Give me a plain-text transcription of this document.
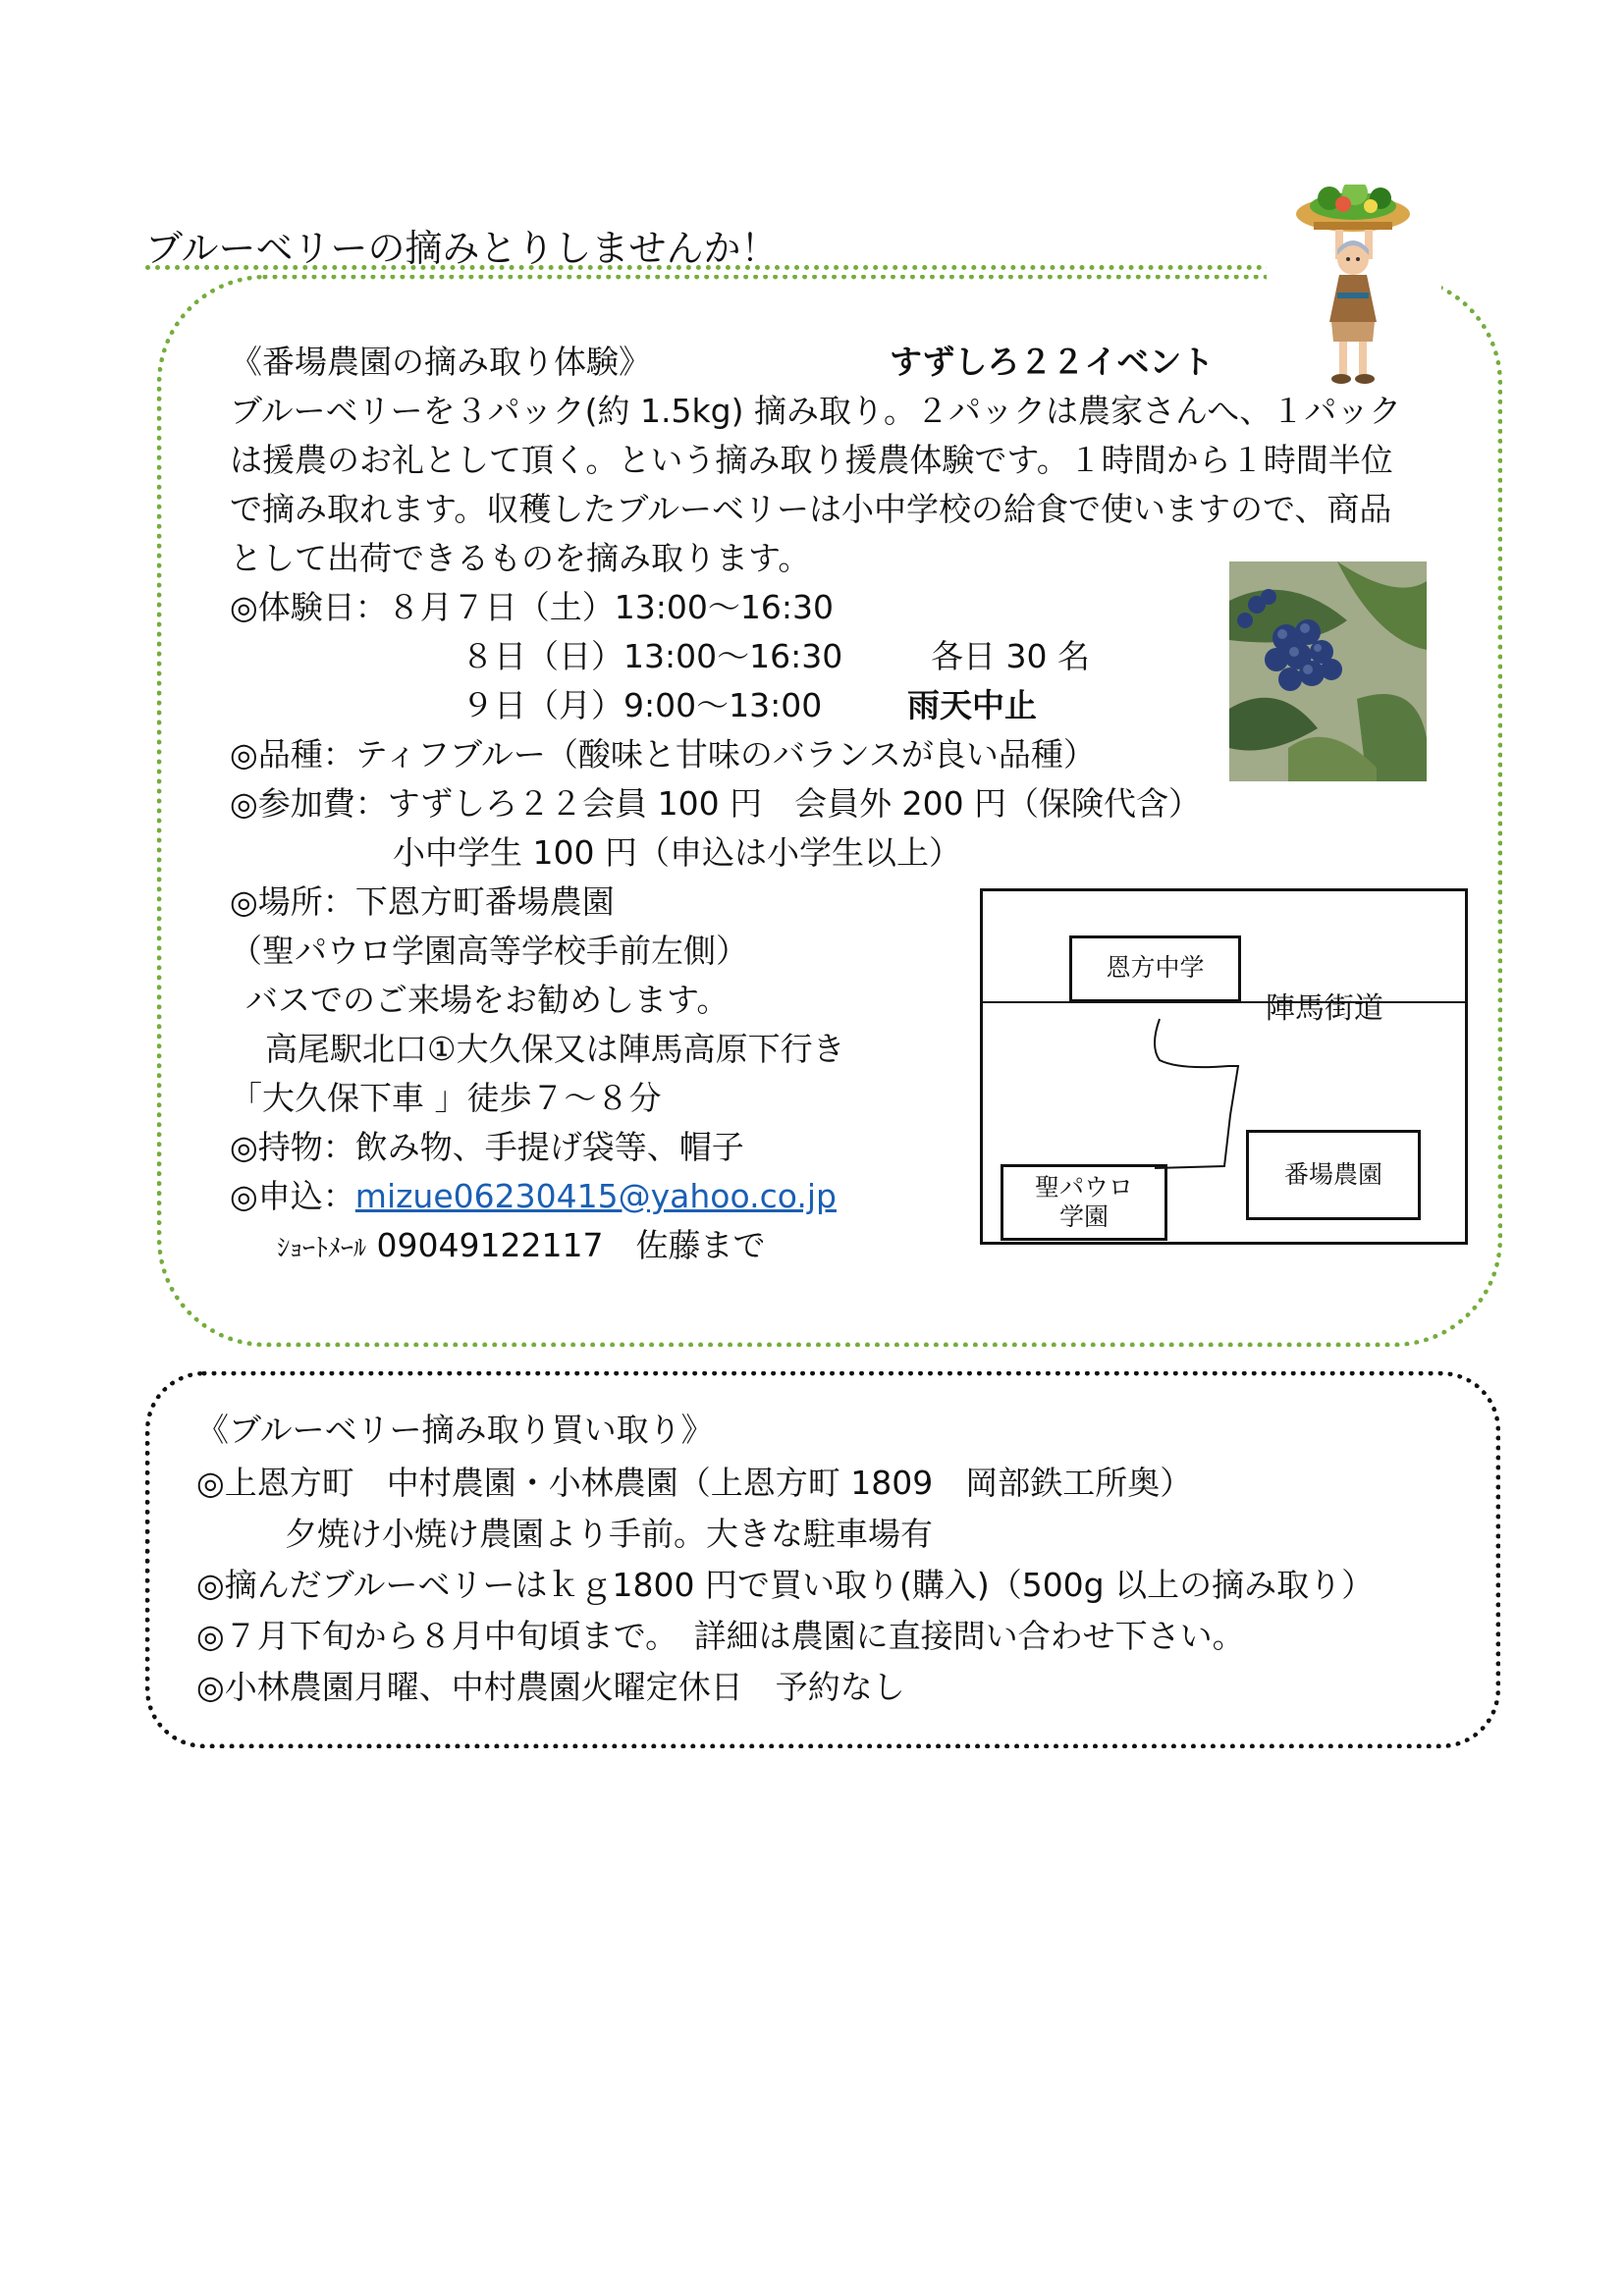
ブルーベリーの摘みとりしませんか！
《番場農園の摘み取り体験》	すずしろ２２イベント
ブルーベリーを３パック(約 1.5kg) 摘み取り。２パックは農家さんへ、１パック
は援農のお礼として頂く。という摘み取り援農体験です。１時間から１時間半位
で摘み取れます。収穫したブルーベリーは小中学校の給食で使いますので、商品
として出荷できるものを摘み取ります。
◎体験日：８月７日（土）13:00～16:30
８日（日）13:00～16:30	各日 30 名
９日（月）9:00～13:00	雨天中止
◎品種：ティフブルー（酸味と甘味のバランスが良い品種）
◎参加費：すずしろ２２会員 100 円　会員外 200 円（保険代含）
小中学生 100 円（申込は小学生以上）
◎場所：下恩方町番場農園
（聖パウロ学園高等学校手前左側）
バスでのご来場をお勧めします。
高尾駅北口①大久保又は陣馬高原下行き
「大久保下車 」徒歩７～８分
◎持物：飲み物、手提げ袋等、帽子
◎申込：mizue06230415@yahoo.co.jp
ｼｮｰﾄﾒｰﾙ 09049122117　佐藤まで
恩方中学
陣馬街道
番場農園
聖パウロ
学園
《ブルーベリー摘み取り買い取り》
◎上恩方町　中村農園・小林農園（上恩方町 1809　岡部鉄工所奥）
夕焼け小焼け農園より手前。大きな駐車場有
◎摘んだブルーベリーはｋｇ1800 円で買い取り(購入)（500g 以上の摘み取り）
◎７月下旬から８月中旬頃まで。　詳細は農園に直接問い合わせ下さい。
◎小林農園月曜、中村農園火曜定休日　予約なし
